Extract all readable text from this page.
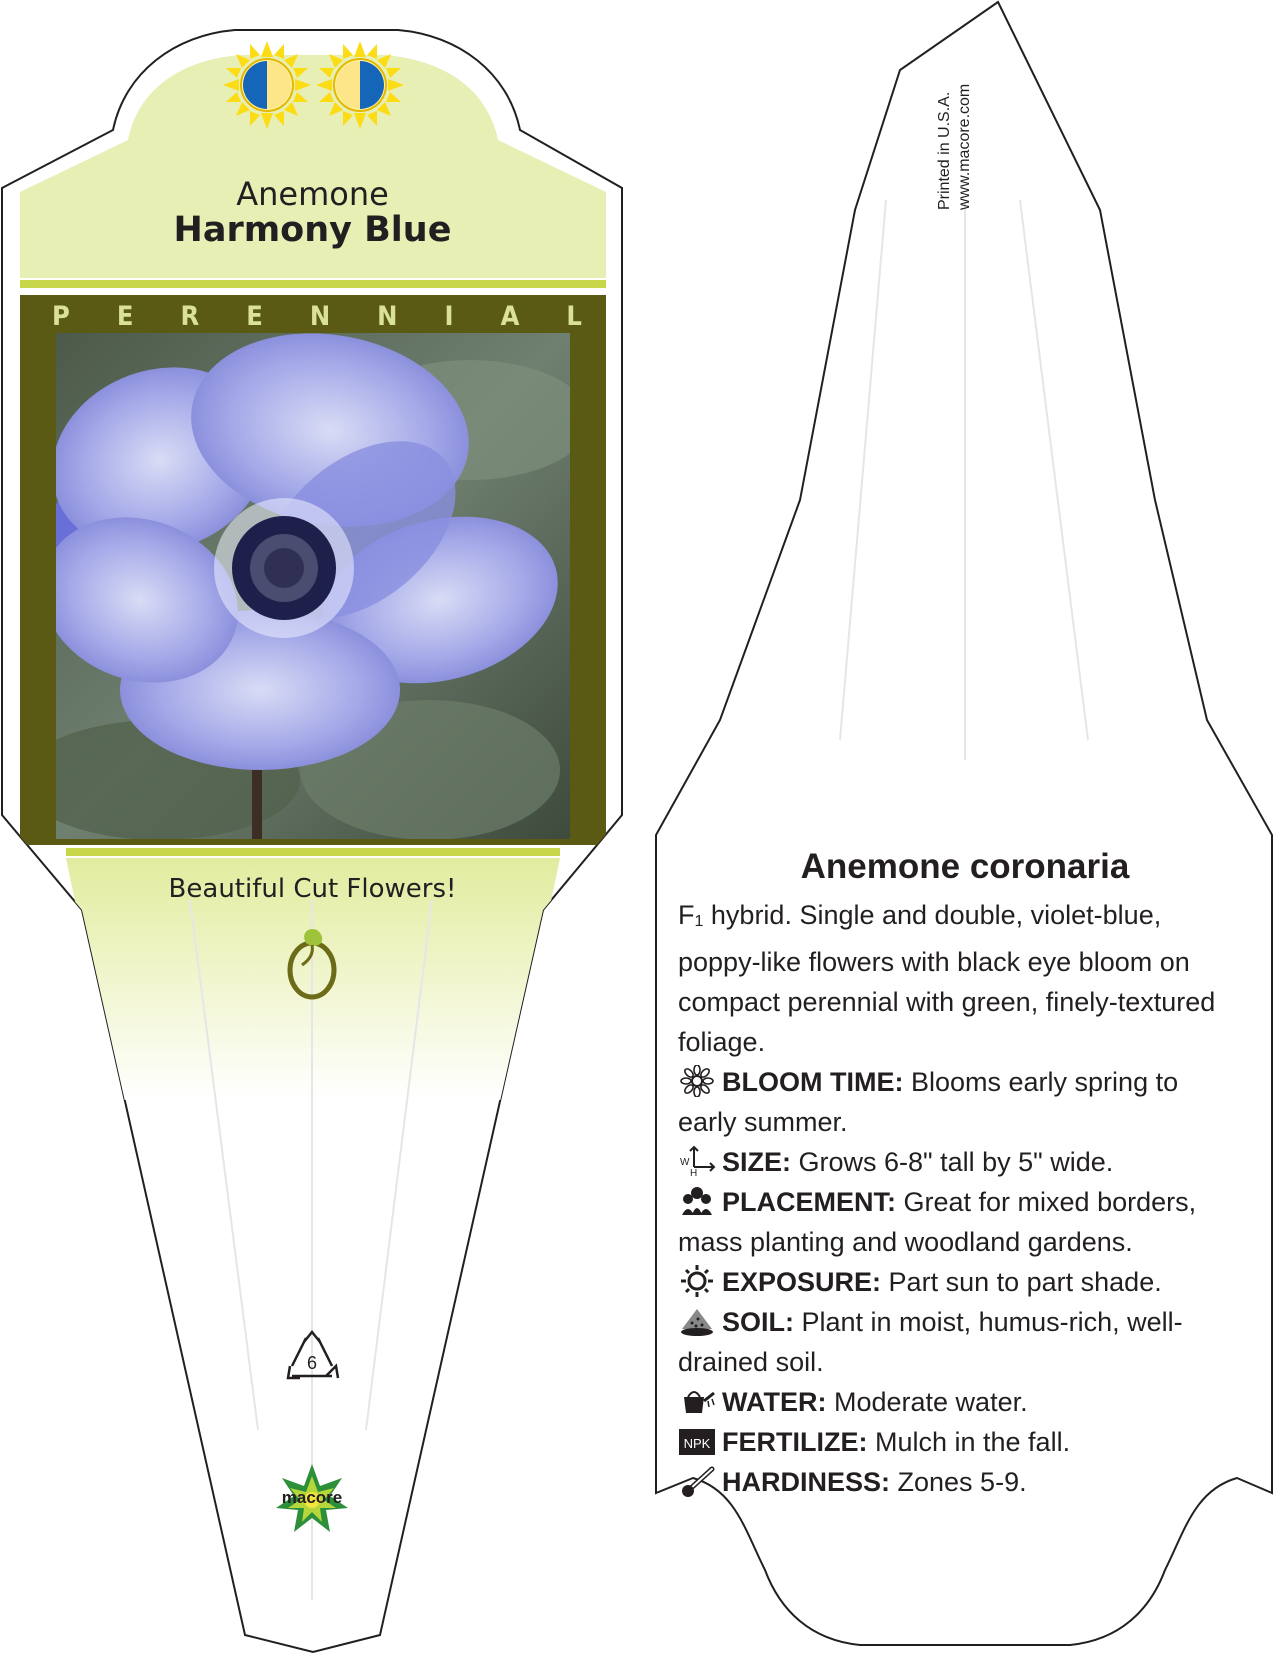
Anemone
Harmony Blue
P E R E N N I A L
Beautiful Cut Flowers!
6
macore
Printed in U.S.A. www.macore.com
Anemone coronaria

F1 hybrid. Single and double, violet-blue, poppy-like flowers with black eye bloom on compact perennial with green, finely-textured foliage.

BLOOM TIME: Blooms early spring to early summer.

W
H SIZE: Grows 6-8" tall by 5" wide.

PLACEMENT: Great for mixed borders, mass planting and woodland gardens.

EXPOSURE: Part sun to part shade.

SOIL: Plant in moist, humus-rich, well-drained soil.

WATER: Moderate water.

NPK FERTILIZE: Mulch in the fall.

HARDINESS: Zones 5-9.
